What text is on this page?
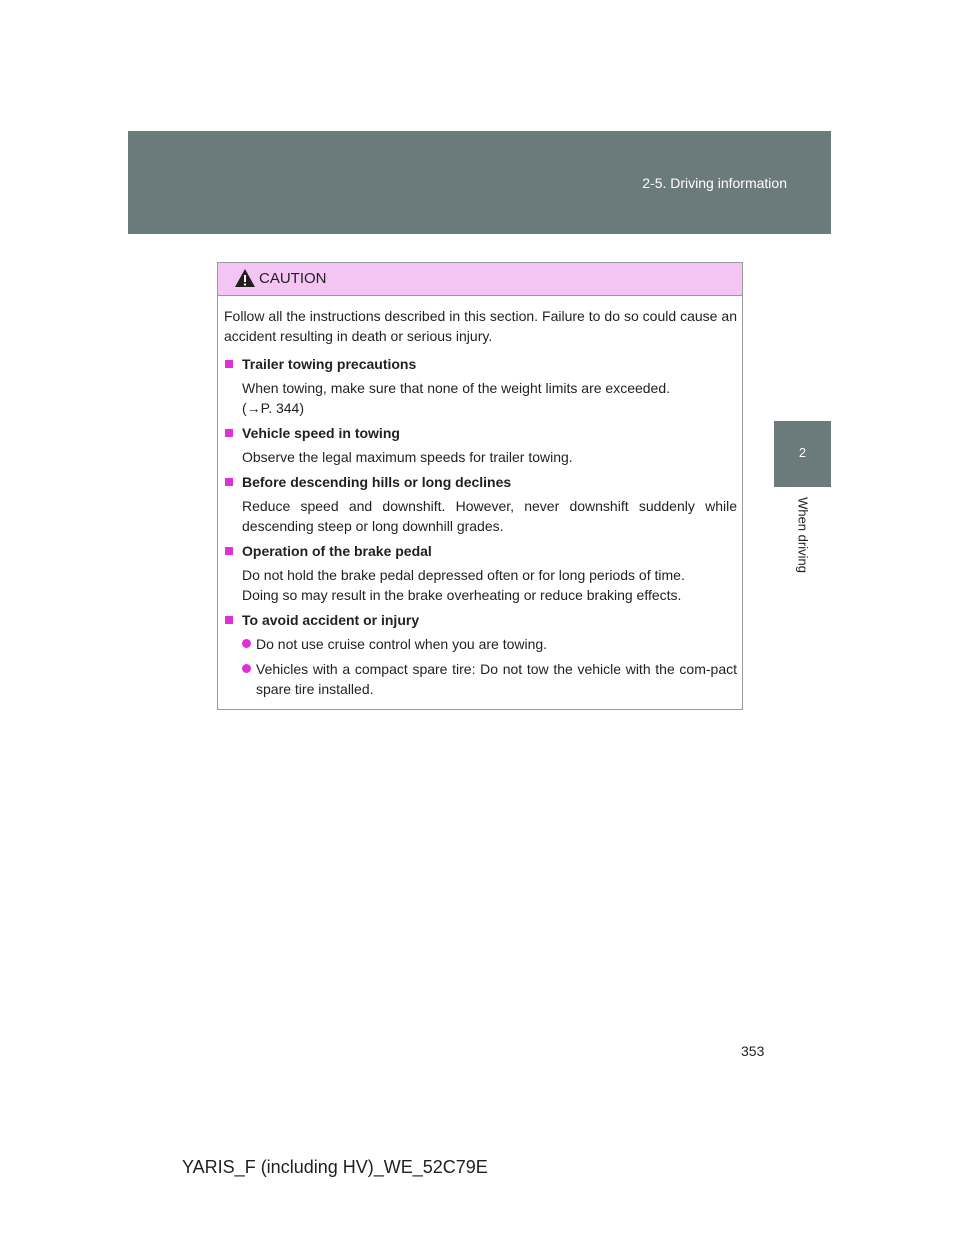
2-5. Driving information
2
When driving
CAUTION

Follow all the instructions described in this section. Failure to do so could cause an accident resulting in death or serious injury.

Trailer towing precautions

When towing, make sure that none of the weight limits are exceeded.
(→P. 344)

Vehicle speed in towing

Observe the legal maximum speeds for trailer towing.

Before descending hills or long declines

Reduce speed and downshift. However, never downshift suddenly while descending steep or long downhill grades.

Operation of the brake pedal

Do not hold the brake pedal depressed often or for long periods of time.
Doing so may result in the brake overheating or reduce braking effects.

To avoid accident or injury

Do not use cruise control when you are towing.

Vehicles with a compact spare tire: Do not tow the vehicle with the com-pact spare tire installed.

353
YARIS_F (including HV)_WE_52C79E
